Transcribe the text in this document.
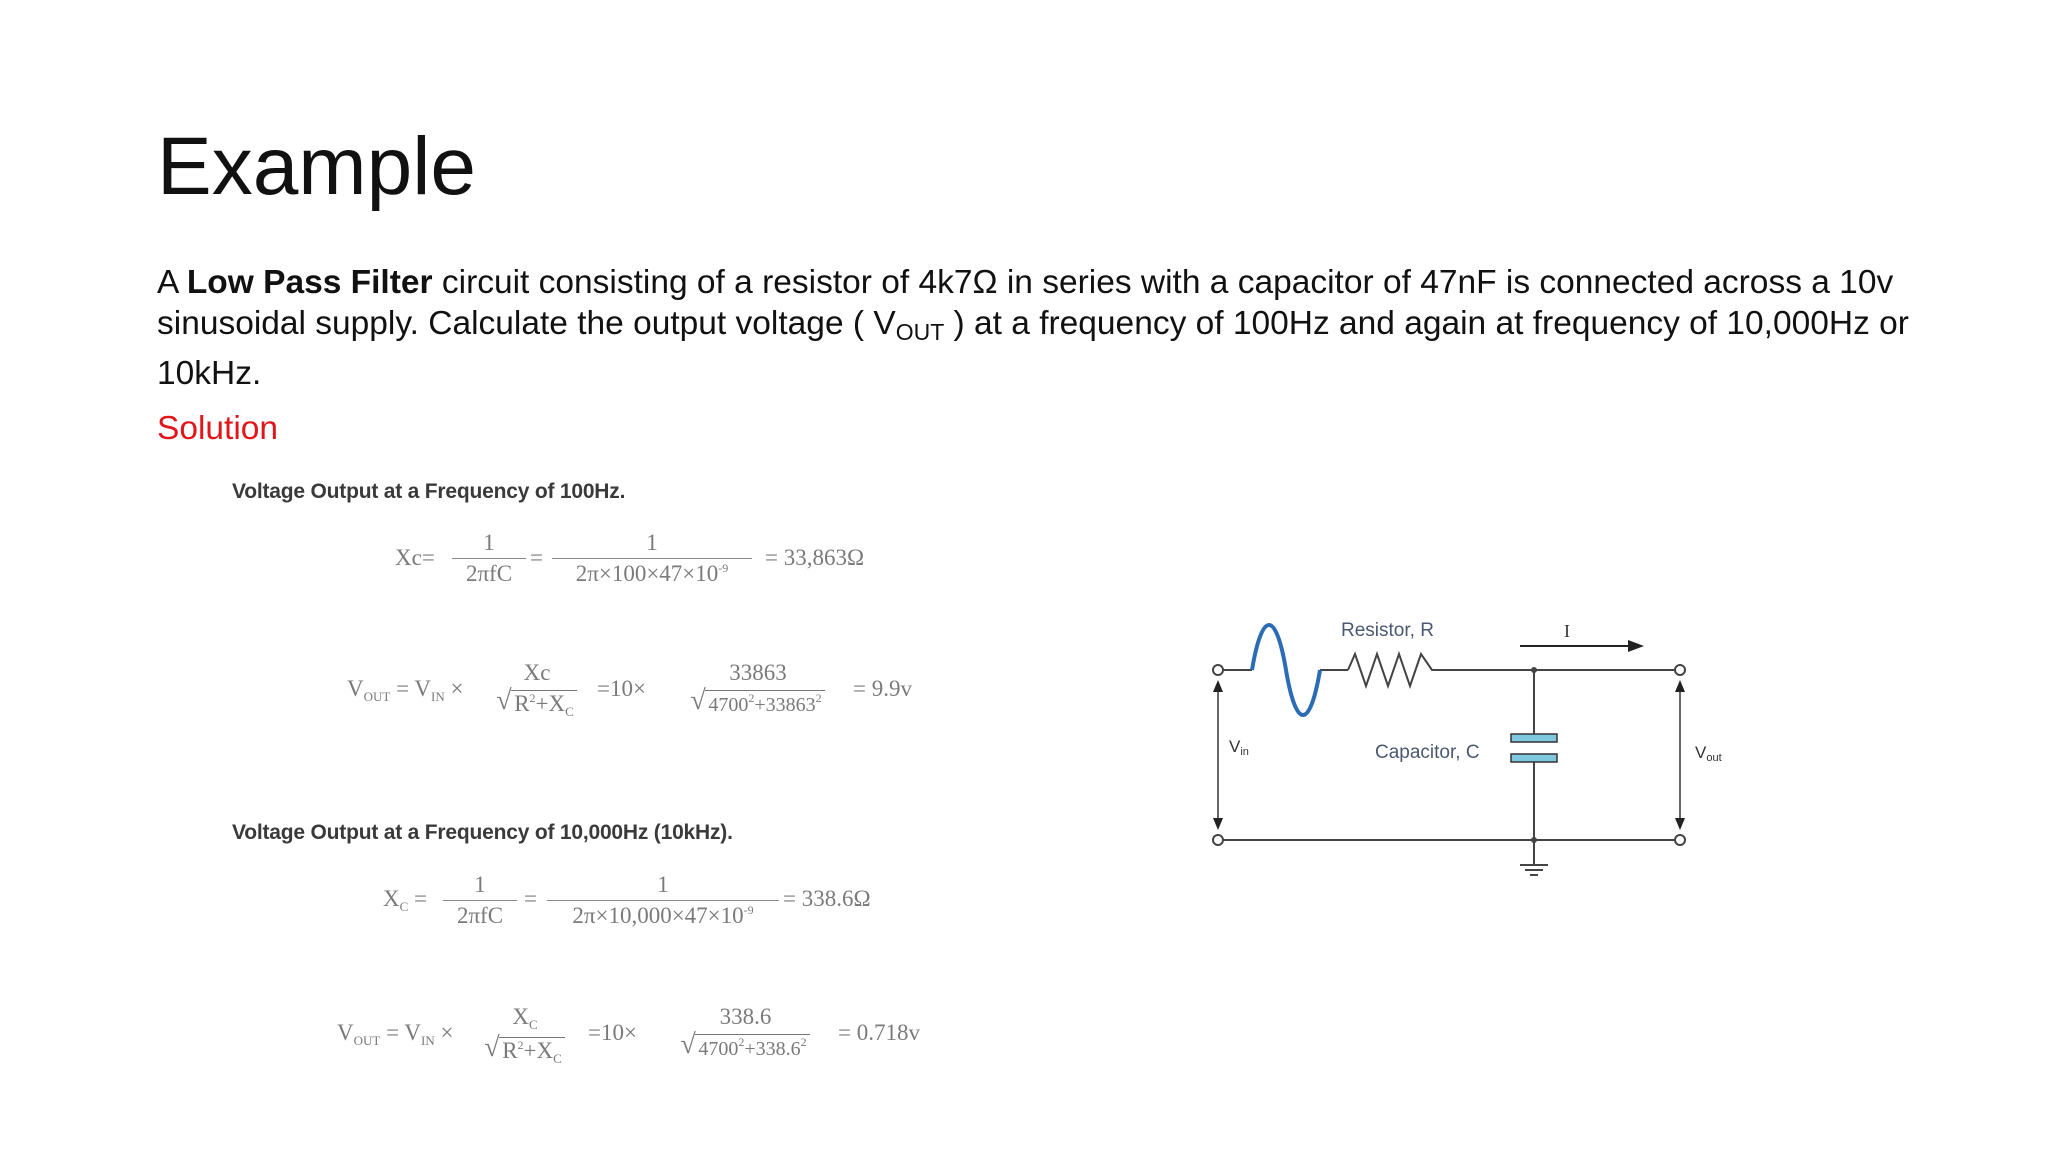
Example
A Low Pass Filter circuit consisting of a resistor of 4k7Ω in series with a capacitor of 47nF is connected across a 10v sinusoidal supply. Calculate the output voltage ( $V_{OUT}$ ) at a frequency of 100Hz and again at frequency of 10,000Hz or 10kHz.
Solution
Voltage Output at a Frequency of 100Hz.
Xc=
1
2πfC
= $\frac{1}{2\pi\times 100\times 47\times 10^{-9}} = 33,863\Omega$
$V_{OUT} = V_{IN}$ ×
Xc
√ $R^2+X_C$
=10×
33863
√ $4700^2+33863^2$	= 9.9v
Voltage Output at a Frequency of 10,000Hz (10kHz).
$X_C$ =
1
2πfC
= $\frac{1}{2\pi\times 10,000\times 47\times 10^{-9}} = 338.6\Omega$
$V_{OUT} = V_{IN}$ ×
$X_C$
√ $R^2+X_C$
=10×
338.6
√ $4700^2+338.6^2$	= 0.718v
Resistor, R	I
Capacitor, C
Vin	Vout
